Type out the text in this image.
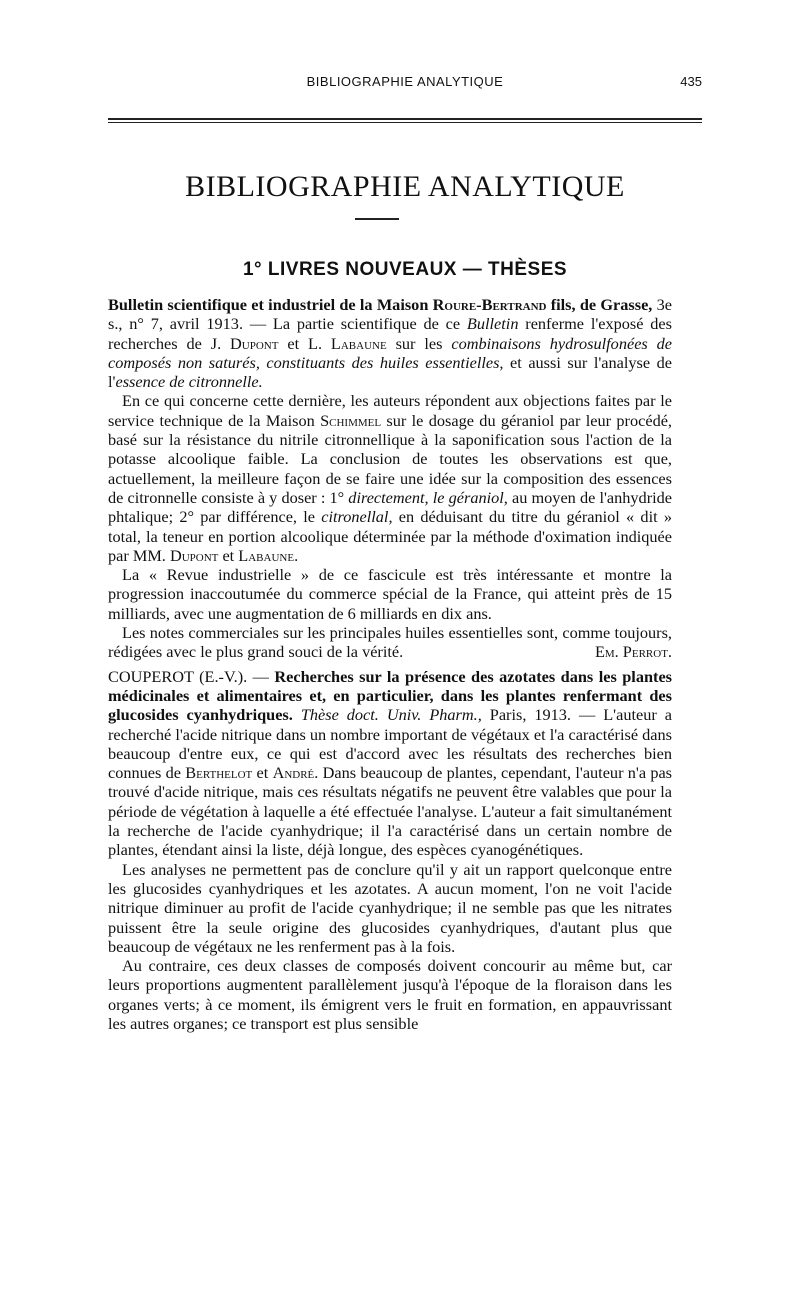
BIBLIOGRAPHIE ANALYTIQUE	435
BIBLIOGRAPHIE ANALYTIQUE
1° LIVRES NOUVEAUX — THÈSES

Bulletin scientifique et industriel de la Maison Roure-Bertrand fils, de Grasse, 3e s., n° 7, avril 1913. — La partie scientifique de ce Bulletin renferme l'exposé des recherches de J. Dupont et L. Labaune sur les combinaisons hydrosulfonées de composés non saturés, constituants des huiles essentielles, et aussi sur l'analyse de l'essence de citronnelle.

En ce qui concerne cette dernière, les auteurs répondent aux objections faites par le service technique de la Maison Schimmel sur le dosage du géraniol par leur procédé, basé sur la résistance du nitrile citronnellique à la saponification sous l'action de la potasse alcoolique faible. La conclusion de toutes les observations est que, actuellement, la meilleure façon de se faire une idée sur la composition des essences de citronnelle consiste à y doser : 1° directement, le géraniol, au moyen de l'anhydride phtalique; 2° par différence, le citronellal, en déduisant du titre du géraniol « dit » total, la teneur en portion alcoolique déterminée par la méthode d'oximation indiquée par MM. Dupont et Labaune.

La « Revue industrielle » de ce fascicule est très intéressante et montre la progression inaccoutumée du commerce spécial de la France, qui atteint près de 15 milliards, avec une augmentation de 6 milliards en dix ans.

Les notes commerciales sur les principales huiles essentielles sont, comme toujours, rédigées avec le plus grand souci de la vérité.	Em. Perrot.

COUPEROT (E.-V.). — Recherches sur la présence des azotates dans les plantes médicinales et alimentaires et, en particulier, dans les plantes renfermant des glucosides cyanhydriques. Thèse doct. Univ. Pharm., Paris, 1913. — L'auteur a recherché l'acide nitrique dans un nombre important de végétaux et l'a caractérisé dans beaucoup d'entre eux, ce qui est d'accord avec les résultats des recherches bien connues de Berthelot et André. Dans beaucoup de plantes, cependant, l'auteur n'a pas trouvé d'acide nitrique, mais ces résultats négatifs ne peuvent être valables que pour la période de végétation à laquelle a été effectuée l'analyse. L'auteur a fait simultanément la recherche de l'acide cyanhydrique; il l'a caractérisé dans un certain nombre de plantes, étendant ainsi la liste, déjà longue, des espèces cyanogénétiques.

Les analyses ne permettent pas de conclure qu'il y ait un rapport quelconque entre les glucosides cyanhydriques et les azotates. A aucun moment, l'on ne voit l'acide nitrique diminuer au profit de l'acide cyanhydrique; il ne semble pas que les nitrates puissent être la seule origine des glucosides cyanhydriques, d'autant plus que beaucoup de végétaux ne les renferment pas à la fois.

Au contraire, ces deux classes de composés doivent concourir au même but, car leurs proportions augmentent parallèlement jusqu'à l'époque de la floraison dans les organes verts; à ce moment, ils émigrent vers le fruit en formation, en appauvrissant les autres organes; ce transport est plus sensible
